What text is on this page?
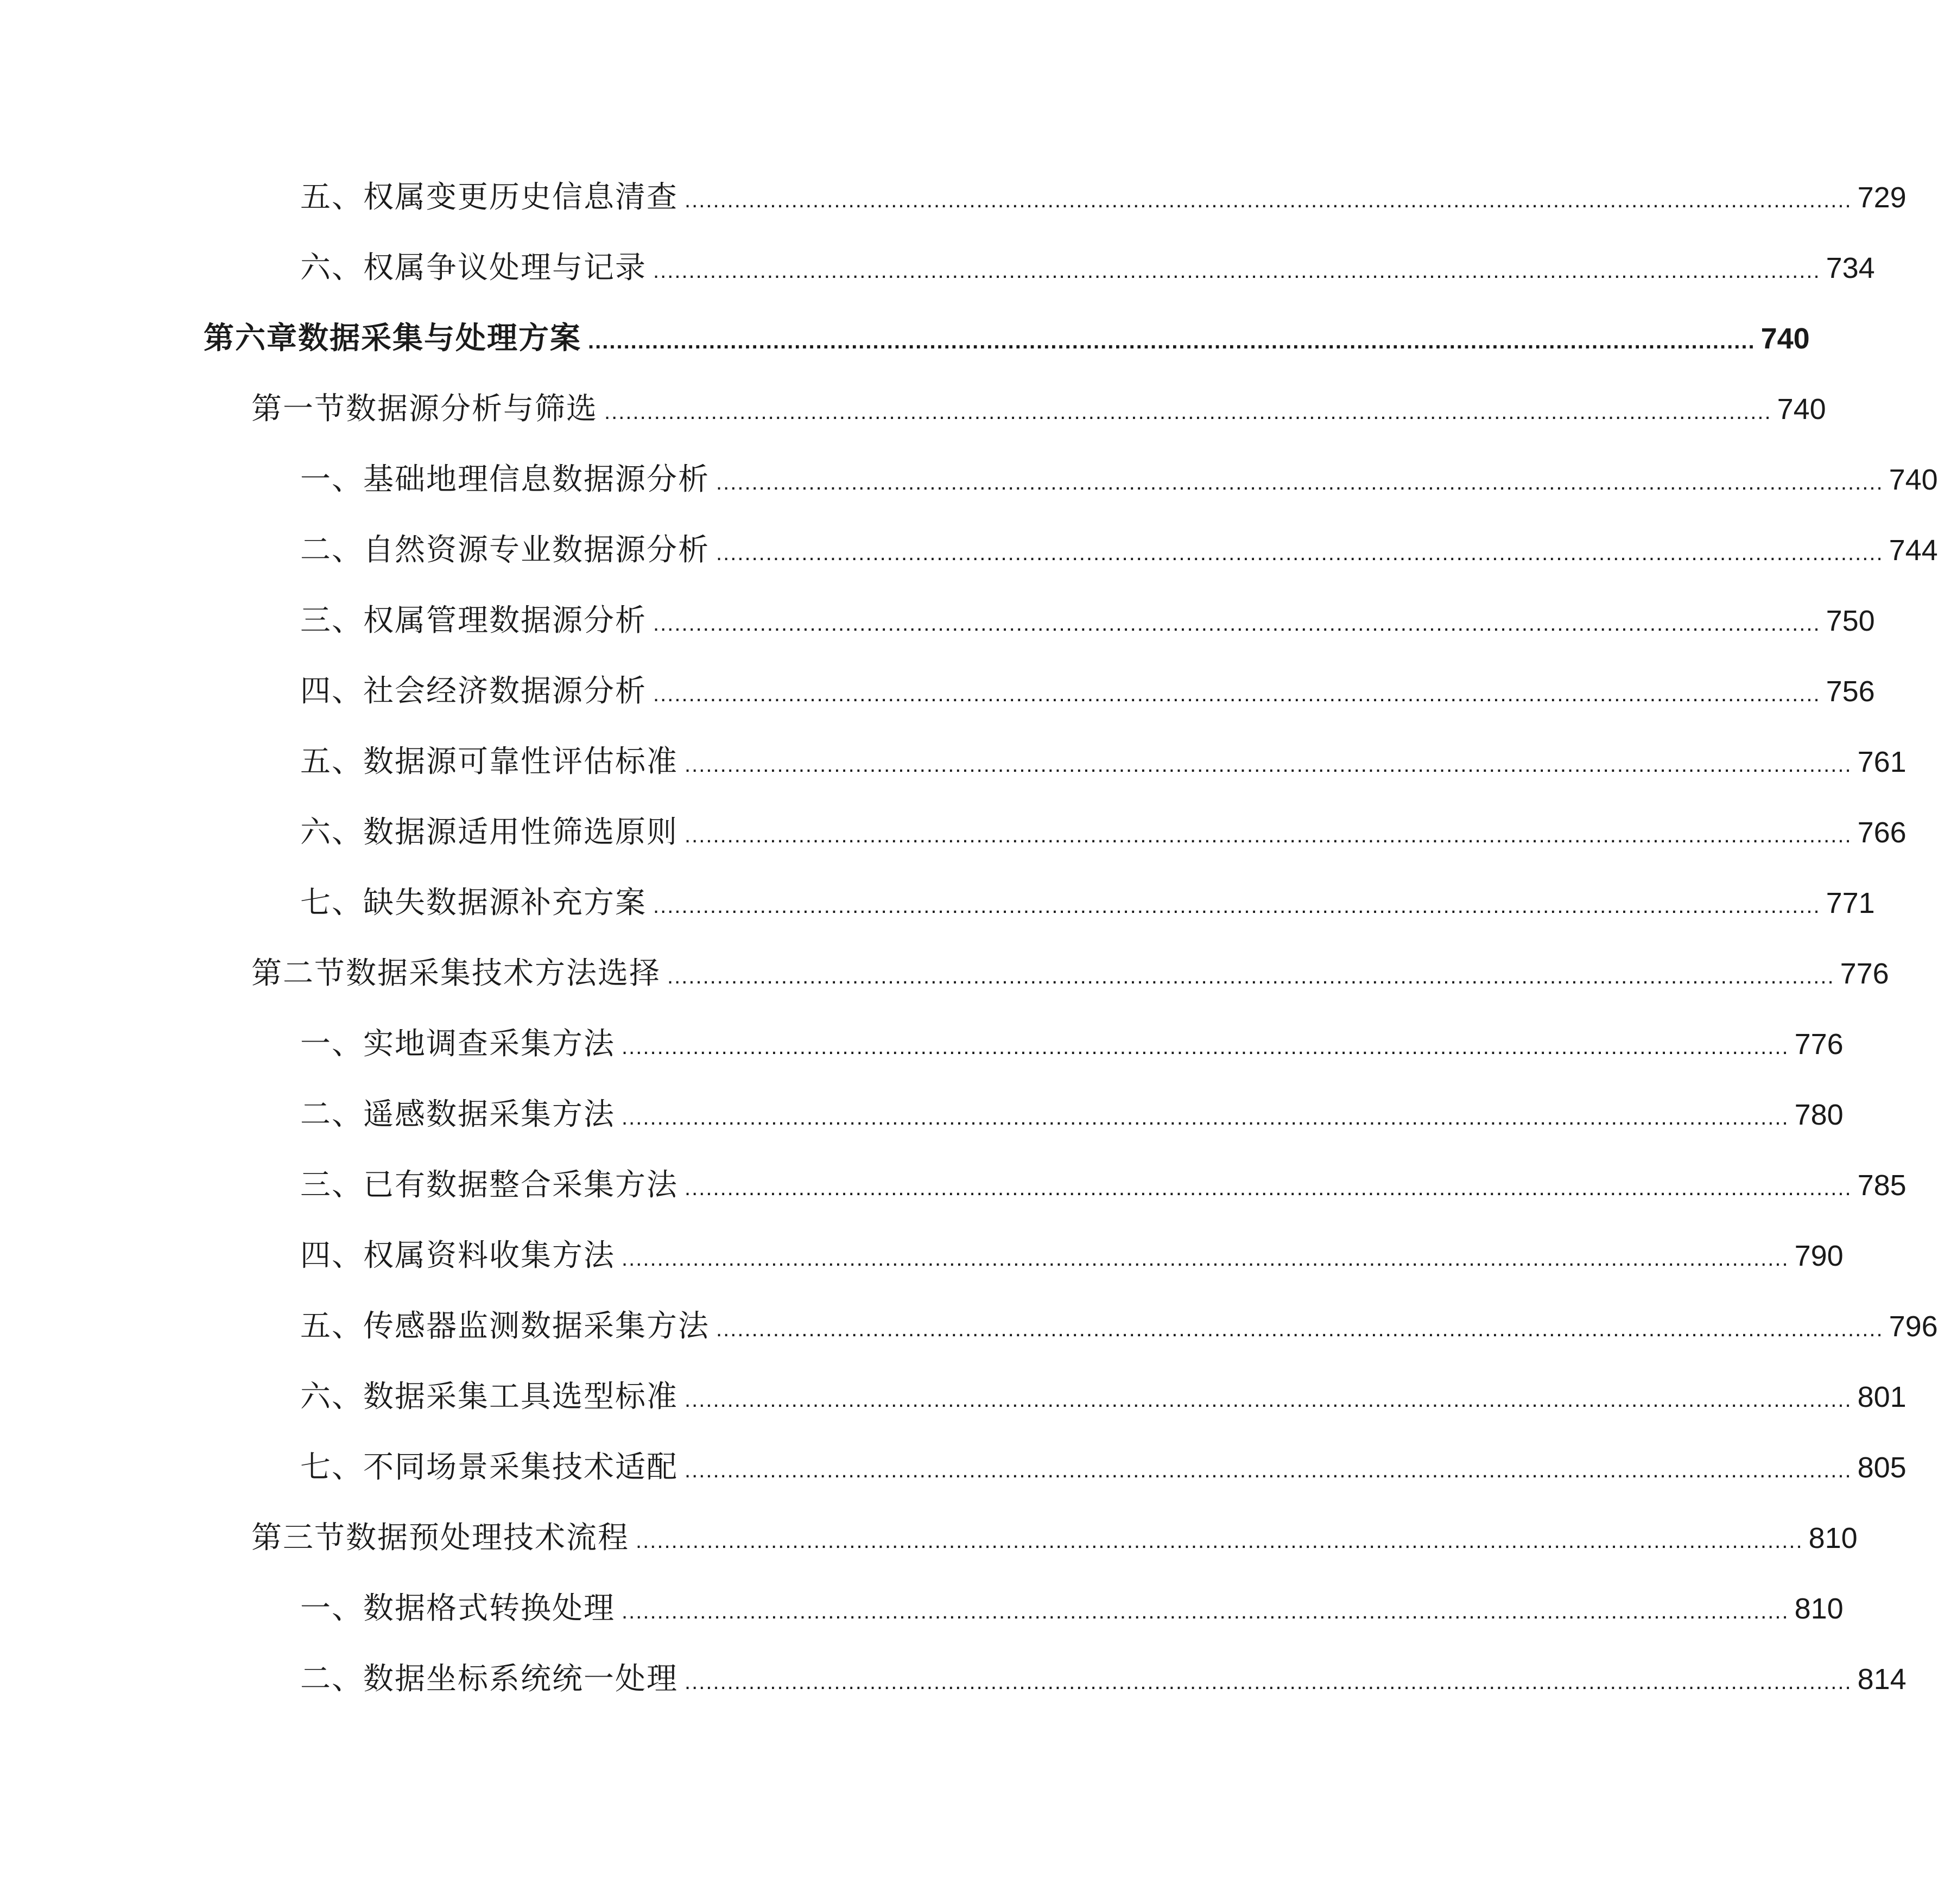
五、权属变更历史信息清查 .................................................................................................................................................................... 729
六、权属争议处理与记录 .................................................................................................................................................................... 734
第六章数据采集与处理方案 .................................................................................................................................................................... 740
第一节数据源分析与筛选 .................................................................................................................................................................... 740
一、基础地理信息数据源分析 .................................................................................................................................................................... 740
二、自然资源专业数据源分析 .................................................................................................................................................................... 744
三、权属管理数据源分析 .................................................................................................................................................................... 750
四、社会经济数据源分析 .................................................................................................................................................................... 756
五、数据源可靠性评估标准 .................................................................................................................................................................... 761
六、数据源适用性筛选原则 .................................................................................................................................................................... 766
七、缺失数据源补充方案 .................................................................................................................................................................... 771
第二节数据采集技术方法选择 .................................................................................................................................................................... 776
一、实地调查采集方法 .................................................................................................................................................................... 776
二、遥感数据采集方法 .................................................................................................................................................................... 780
三、已有数据整合采集方法 .................................................................................................................................................................... 785
四、权属资料收集方法 .................................................................................................................................................................... 790
五、传感器监测数据采集方法 .................................................................................................................................................................... 796
六、数据采集工具选型标准 .................................................................................................................................................................... 801
七、不同场景采集技术适配 .................................................................................................................................................................... 805
第三节数据预处理技术流程 .................................................................................................................................................................... 810
一、数据格式转换处理 .................................................................................................................................................................... 810
二、数据坐标系统统一处理 .................................................................................................................................................................... 814
